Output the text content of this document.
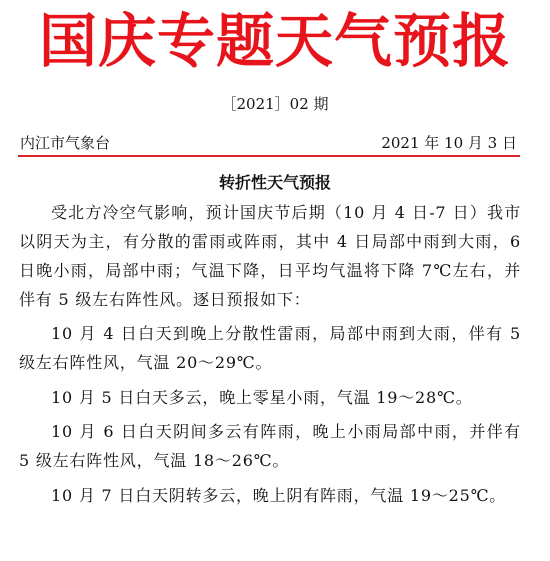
国庆专题天气预报
［2021］02 期
内江市气象台	2021 年 10 月 3 日
转折性天气预报

受北方冷空气影响，预计国庆节后期（10 月 4 日-7 日）我市以阴天为主，有分散的雷雨或阵雨，其中 4 日局部中雨到大雨，6 日晚小雨，局部中雨；气温下降，日平均气温将下降 7℃左右，并伴有 5 级左右阵性风。逐日预报如下：

10 月 4 日白天到晚上分散性雷雨，局部中雨到大雨，伴有 5 级左右阵性风，气温 20～29℃。

10 月 5 日白天多云，晚上零星小雨，气温 19～28℃。

10 月 6 日白天阴间多云有阵雨，晚上小雨局部中雨，并伴有 5 级左右阵性风，气温 18～26℃。

10 月 7 日白天阴转多云，晚上阴有阵雨，气温 19～25℃。
